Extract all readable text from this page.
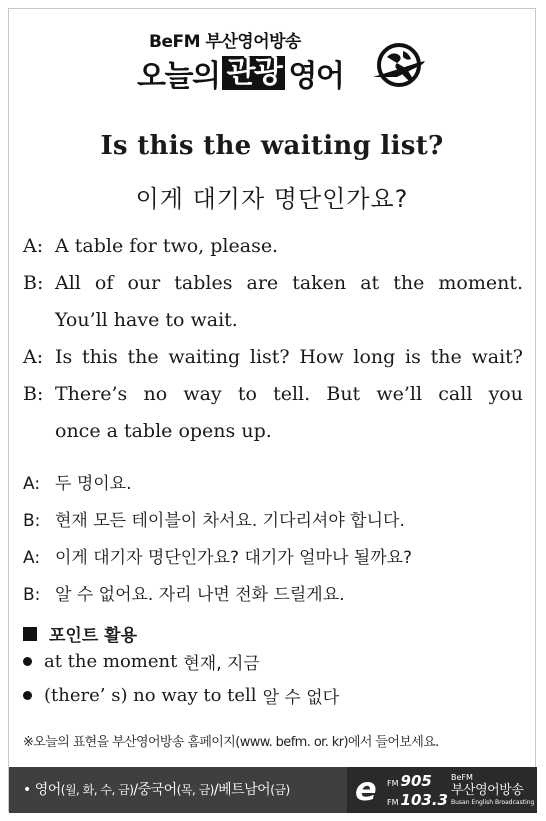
BeFM 부산영어방송
오늘의 관광 영어
Is this the waiting list?
이게 대기자 명단인가요?
A: A table for two, please.
B: All of our tables are taken at the moment.
You’ll have to wait.
A: Is this the waiting list? How long is the wait?
B: There’s no way to tell. But we’ll call you
once a table opens up.
A: 두 명이요.
B: 현재 모든 테이블이 차서요. 기다리셔야 합니다.
A: 이게 대기자 명단인가요? 대기가 얼마나 될까요?
B: 알 수 없어요. 자리 나면 전화 드릴게요.
포인트 활용
at the moment 현재, 지금
(there’ s) no way to tell 알 수 없다
※오늘의 표현을 부산영어방송 홈페이지(www. befm. or. kr)에서 들어보세요.
• 영어(월, 화, 수, 금)/중국어(목, 금)/베트남어(금)	e FM 905
FM 103.3
BeFM
부산영어방송
Busan English Broadcasting
